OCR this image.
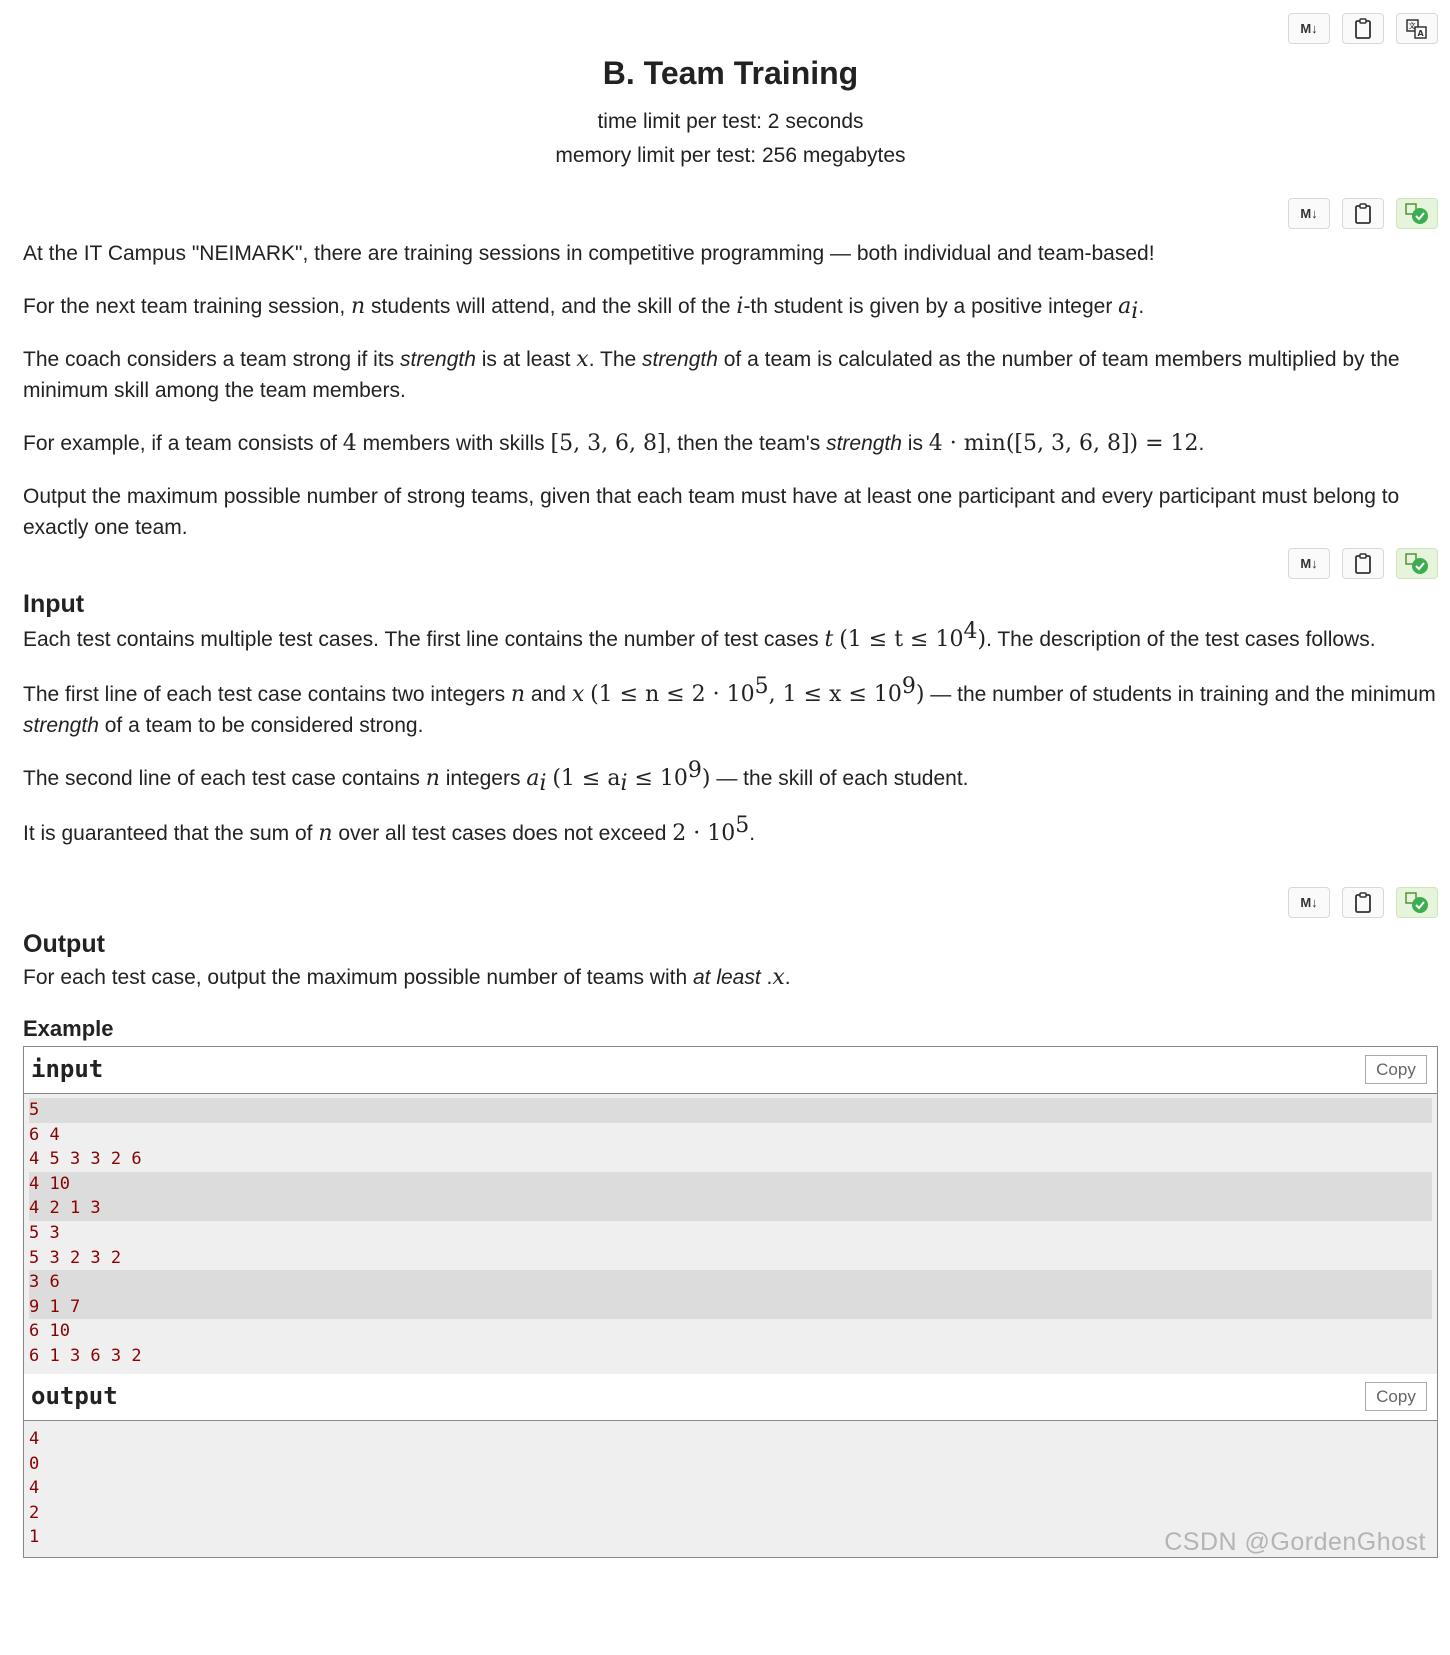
M↓	A
文
B. Team Training
time limit per test: 2 seconds
memory limit per test: 256 megabytes
M↓

At the IT Campus "NEIMARK", there are training sessions in competitive programming — both individual and team-based!

For the next team training session, n students will attend, and the skill of the i-th student is given by a positive integer $a_i$.

The coach considers a team strong if its strength is at least x. The strength of a team is calculated as the number of team members multiplied by the minimum skill among the team members.

For example, if a team consists of 4 members with skills [5, 3, 6, 8], then the team's strength is 4 · min([5, 3, 6, 8]) = 12.

Output the maximum possible number of strong teams, given that each team must have at least one participant and every participant must belong to exactly one team.

M↓
Input

Each test contains multiple test cases. The first line contains the number of test cases t $(1 \le t \le 10^4)$. The description of the test cases follows.

The first line of each test case contains two integers n and x ($1 \le n \le 2 \cdot 10^5$, $1 \le x \le 10^9$) — the number of students in training and the minimum strength of a team to be considered strong.

The second line of each test case contains n integers $a_i$ $(1 \le a_i \le 10^9)$ — the skill of each student.

It is guaranteed that the sum of n over all test cases does not exceed $2 \cdot 10^5$.

M↓
Output

For each test case, output the maximum possible number of teams with at least .x.

Example
input	Copy
5
6 4
4 5 3 3 2 6
4 10
4 2 1 3
5 3
5 3 2 3 2
3 6
9 1 7
6 10
6 1 3 6 3 2
output	Copy
4
0
4
2
1	CSDN @GordenGhost
